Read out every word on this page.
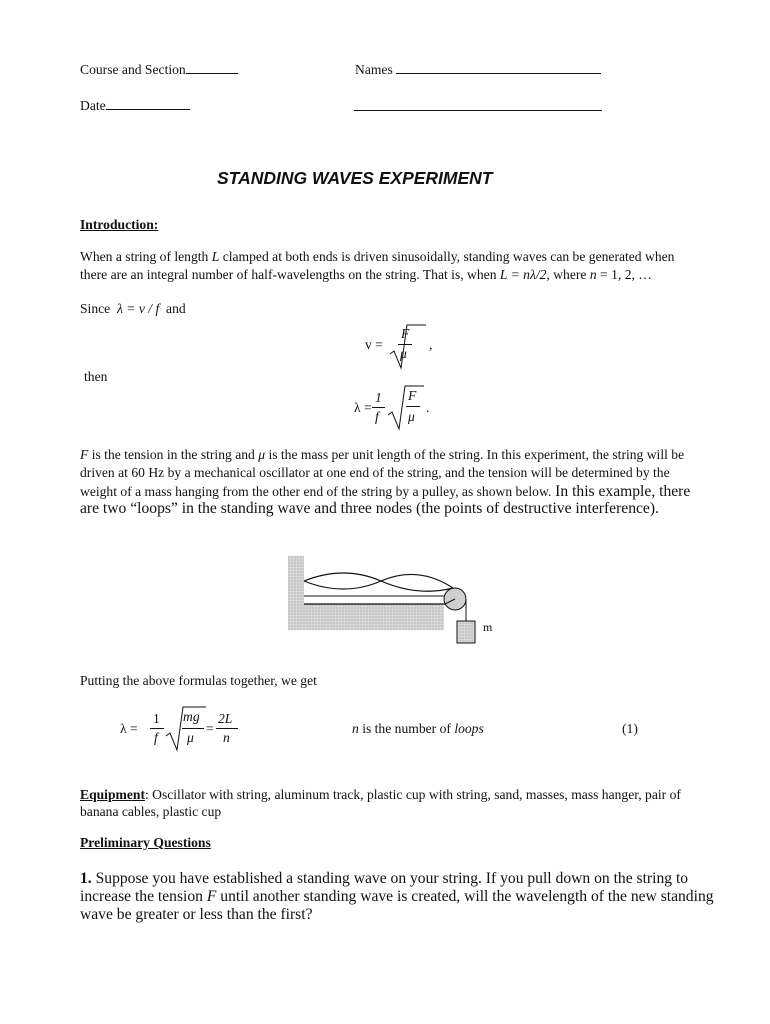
Course and Section	Names
Date
STANDING WAVES EXPERIMENT
Introduction:
When a string of length L clamped at both ends is driven sinusoidally, standing waves can be generated when
there are an integral number of half-wavelengths on the string. That is, when L = nλ/2, where n = 1, 2, …
Since λ = v / f and
v =
F
μ
,
then
λ =
1
f
F
μ
.
F is the tension in the string and μ is the mass per unit length of the string. In this experiment, the string will be
driven at 60 Hz by a mechanical oscillator at one end of the string, and the tension will be determined by the
weight of a mass hanging from the other end of the string by a pulley, as shown below. In this example, there
are two “loops” in the standing wave and three nodes (the points of destructive interference).
m
Putting the above formulas together, we get
λ =
1
f
mg
μ
=
2L
n
n is the number of loops	(1)
Equipment: Oscillator with string, aluminum track, plastic cup with string, sand, masses, mass hanger, pair of
banana cables, plastic cup
Preliminary Questions
1. Suppose you have established a standing wave on your string. If you pull down on the string to
increase the tension F until another standing wave is created, will the wavelength of the new standing
wave be greater or less than the first?
